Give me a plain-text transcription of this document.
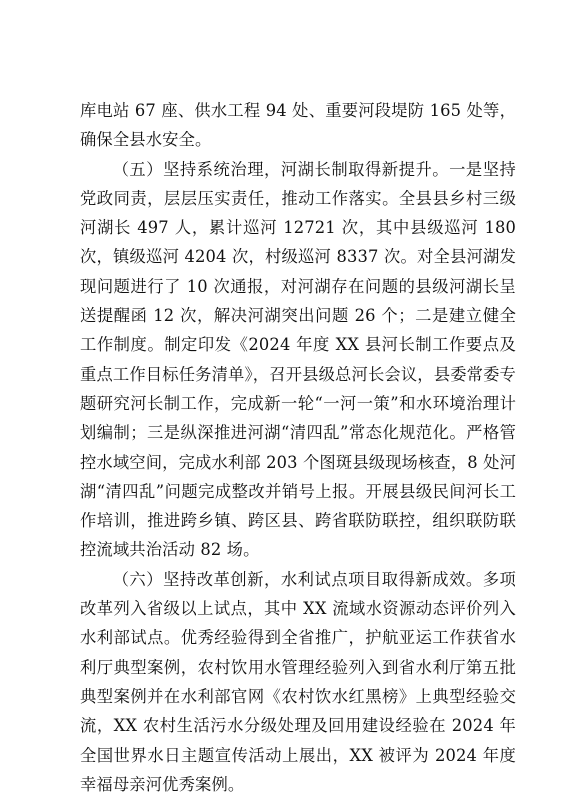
库电站 67 座、供水工程 94 处、重要河段堤防 165 处等，确保全县水安全。

（五）坚持系统治理，河湖长制取得新提升。一是坚持党政同责，层层压实责任，推动工作落实。全县县乡村三级河湖长 497 人，累计巡河 12721 次，其中县级巡河 180 次，镇级巡河 4204 次，村级巡河 8337 次。对全县河湖发现问题进行了 10 次通报，对河湖存在问题的县级河湖长呈送提醒函 12 次，解决河湖突出问题 26 个；二是建立健全工作制度。制定印发《2024 年度 XX 县河长制工作要点及重点工作目标任务清单》，召开县级总河长会议，县委常委专题研究河长制工作，完成新一轮“一河一策”和水环境治理计划编制；三是纵深推进河湖“清四乱”常态化规范化。严格管控水域空间，完成水利部 203 个图斑县级现场核查，8 处河湖“清四乱”问题完成整改并销号上报。开展县级民间河长工作培训，推进跨乡镇、跨区县、跨省联防联控，组织联防联控流域共治活动 82 场。

（六）坚持改革创新，水利试点项目取得新成效。多项改革列入省级以上试点，其中 XX 流域水资源动态评价列入水利部试点。优秀经验得到全省推广，护航亚运工作获省水利厅典型案例，农村饮用水管理经验列入到省水利厅第五批典型案例并在水利部官网《农村饮水红黑榜》上典型经验交流，XX 农村生活污水分级处理及回用建设经验在 2024 年全国世界水日主题宣传活动上展出，XX 被评为 2024 年度幸福母亲河优秀案例。
